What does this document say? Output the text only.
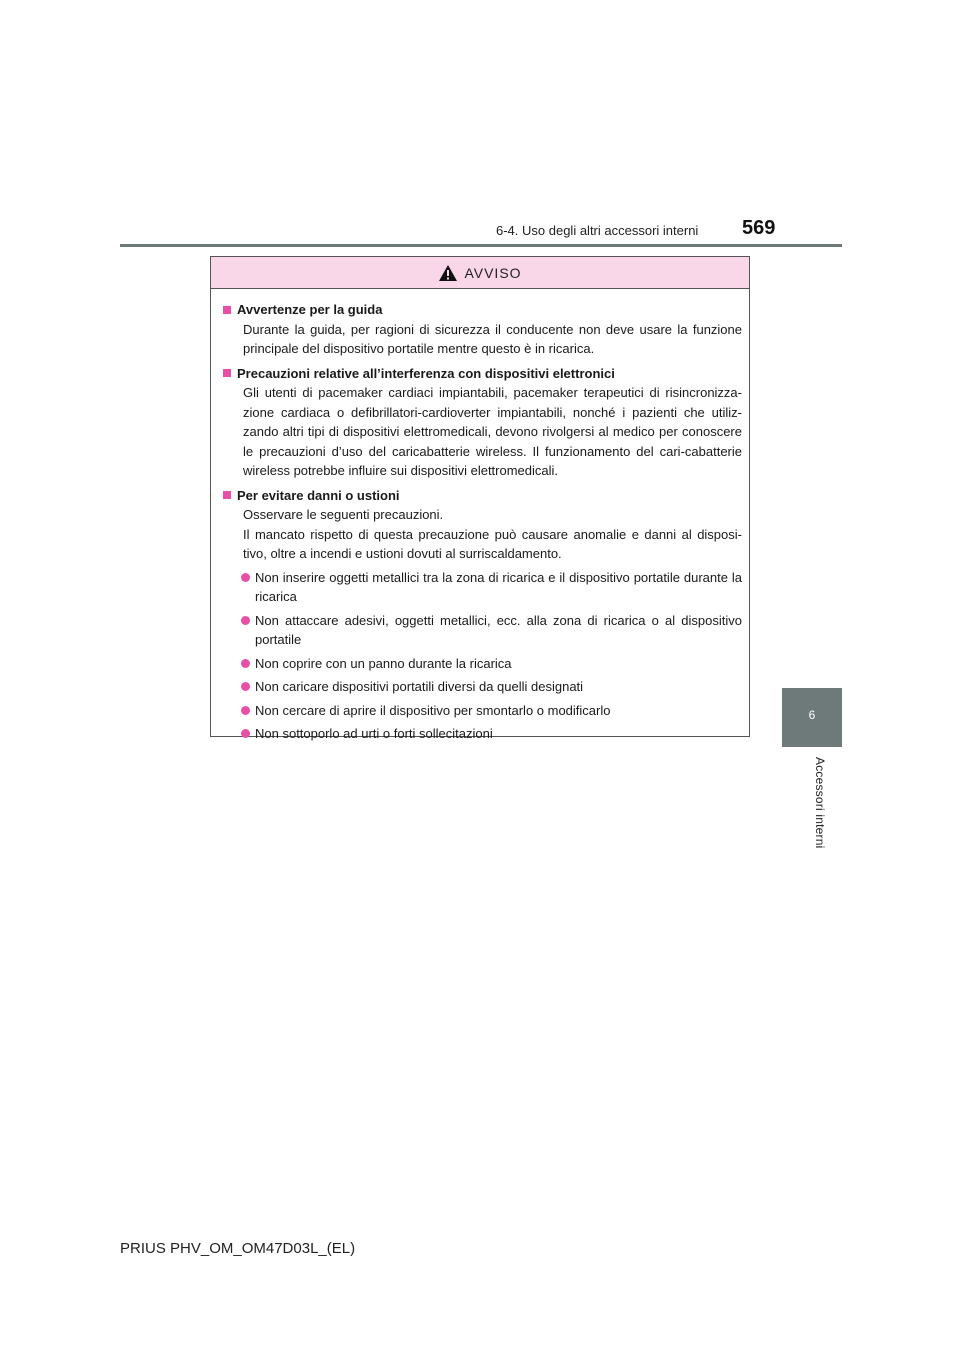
6-4. Uso degli altri accessori interni 569
6
Accessori interni
AVVISO
Avvertenze per la guida
Durante la guida, per ragioni di sicurezza il conducente non deve usare la funzione principale del dispositivo portatile mentre questo è in ricarica.
Precauzioni relative all’interferenza con dispositivi elettronici
Gli utenti di pacemaker cardiaci impiantabili, pacemaker terapeutici di risincronizza-zione cardiaca o defibrillatori-cardioverter impiantabili, nonché i pazienti che utiliz-zando altri tipi di dispositivi elettromedicali, devono rivolgersi al medico per conoscere le precauzioni d’uso del caricabatterie wireless. Il funzionamento del cari-cabatterie wireless potrebbe influire sui dispositivi elettromedicali.
Per evitare danni o ustioni
Osservare le seguenti precauzioni.
Il mancato rispetto di questa precauzione può causare anomalie e danni al disposi-tivo, oltre a incendi e ustioni dovuti al surriscaldamento.
Non inserire oggetti metallici tra la zona di ricarica e il dispositivo portatile durante la ricarica
Non attaccare adesivi, oggetti metallici, ecc. alla zona di ricarica o al dispositivo portatile
Non coprire con un panno durante la ricarica
Non caricare dispositivi portatili diversi da quelli designati
Non cercare di aprire il dispositivo per smontarlo o modificarlo
Non sottoporlo ad urti o forti sollecitazioni
PRIUS PHV_OM_OM47D03L_(EL)
